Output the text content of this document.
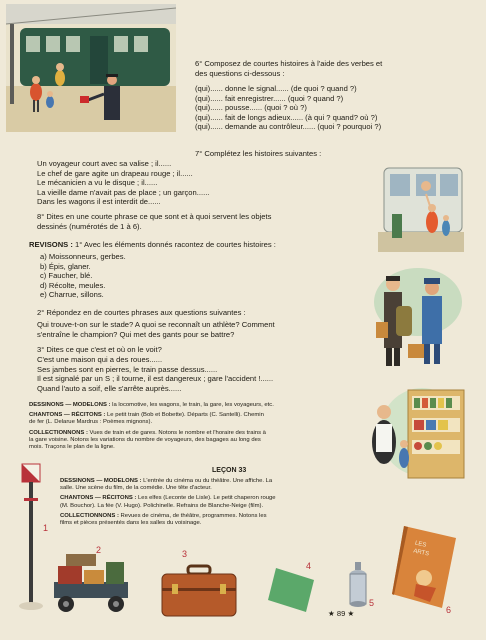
6° Composez de courtes histoires à l'aide des verbes et
des questions ci-dessous :
(qui)...... donne le signal...... (de quoi ? quand ?)
(qui)...... fait enregistrer...... (quoi ? quand ?)
(qui)...... pousse...... (quoi ? où ?)
(qui)...... fait de longs adieux...... (à qui ? quand? où ?)
(qui)...... demande au contrôleur...... (quoi ? pourquoi ?)
7° Complétez les histoires suivantes :
Un voyageur court avec sa valise ; il......
Le chef de gare agite un drapeau rouge ; il......
Le mécanicien a vu le disque ; il......
La vieille dame n'avait pas de place ; un garçon......
Dans les wagons il est interdit de......
8° Dites en une courte phrase ce que sont et à quoi servent les objets
dessinés (numérotés de 1 à 6).
REVISONS : 1° Avec les éléments donnés racontez de courtes histoires :
a) Moissonneurs, gerbes.
b) Épis, glaner.
c) Faucher, blé.
d) Récolte, meules.
e) Charrue, sillons.
2° Répondez en de courtes phrases aux questions suivantes :
Qui trouve-t-on sur le stade? A quoi se reconnaît un athlète? Comment
s'entraîne le champion? Qui met des gants pour se battre?
3° Dites ce que c'est et où on le voit?
C'est une maison qui a des roues......
Ses jambes sont en pierres, le train passe dessus......
Il est signalé par un S ; il tourne, il est dangereux ; gare l'accident !......
Quand l'auto a soif, elle s'arrête auprès......
DESSINONS — MODELONS : la locomotive, les wagons, le train, la gare, les voyageurs, etc.
CHANTONS — RÉCITONS : Le petit train (Bob et Bobette). Départs (C. Santelli). Chemin
de fer (L. Delarue Mardrus : Poèmes mignons).
COLLECTIONNONS : Vues de train et de gares. Notons le nombre et l'horaire des trains à
la gare voisine. Notons les variations du nombre de voyageurs, des bagages au long des
mois. Traçons le plan de la ligne.
LEÇON 33
DESSINONS — MODELONS : L'entrée du cinéma ou du théâtre. Une affiche. La
salle. Une scène du film, de la comédie. Une tête d'acteur.
CHANTONS — RÉCITONS : Les elfes (Leconte de Lisle). Le petit chaperon rouge
(M. Bouchor). La fée (V. Hugo). Polichinelle. Refrains de Blanche-Neige (film).
COLLECTIONNONS : Revues de cinéma, de théâtre, programmes. Notons les
films et pièces présentés dans les salles du voisinage.
1
2	3
4
5
LES
ARTS
6
★ 89 ★
